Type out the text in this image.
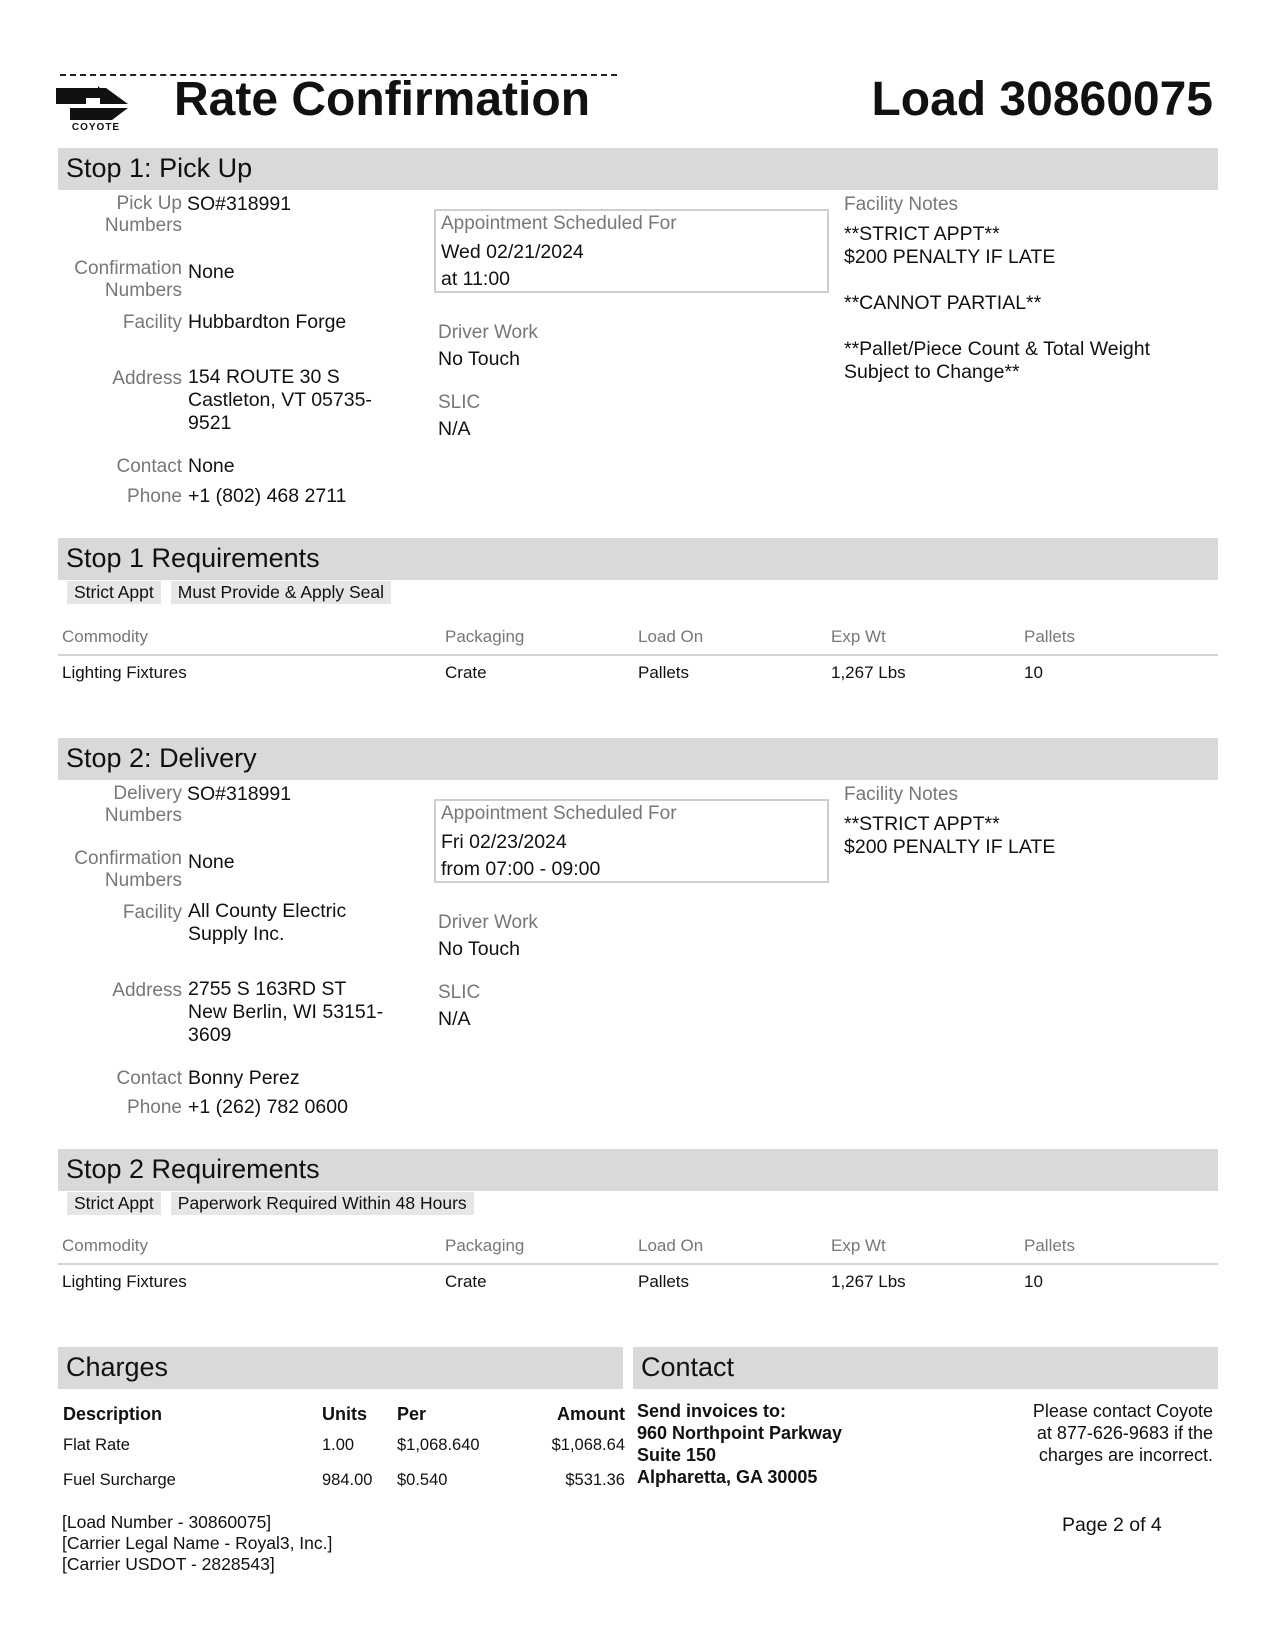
COYOTE
Rate Confirmation	Load 30860075
Stop 1: Pick Up
Pick Up Numbers
SO#318991
Confirmation Numbers
None
Facility Hubbardton Forge
Address 154 ROUTE 30 S
Castleton, VT 05735-
9521
Contact None
Phone +1 (802) 468 2711
Appointment Scheduled For
Wed 02/21/2024
at 11:00
Driver Work
No Touch
SLIC
N/A
Facility Notes
**STRICT APPT**
$200 PENALTY IF LATE

**CANNOT PARTIAL**

**Pallet/Piece Count & Total Weight
Subject to Change**
Stop 1 Requirements
Strict Appt	Must Provide & Apply Seal
Commodity	Packaging	Load On	Exp Wt	Pallets
Lighting Fixtures	Crate	Pallets	1,267 Lbs	10
Stop 2: Delivery
Delivery Numbers
SO#318991
Confirmation Numbers
None
Facility All County Electric
Supply Inc.
Address 2755 S 163RD ST
New Berlin, WI 53151-
3609
Contact Bonny Perez
Phone +1 (262) 782 0600
Appointment Scheduled For
Fri 02/23/2024
from 07:00 - 09:00
Driver Work
No Touch
SLIC
N/A
Facility Notes
**STRICT APPT**
$200 PENALTY IF LATE
Stop 2 Requirements
Strict Appt	Paperwork Required Within 48 Hours
Commodity	Packaging	Load On	Exp Wt	Pallets
Lighting Fixtures	Crate	Pallets	1,267 Lbs	10
Charges
Description	Units	Per	Amount
Flat Rate	1.00	$1,068.640	$1,068.64
Fuel Surcharge	984.00	$0.540	$531.36
Contact
Send invoices to:
960 Northpoint Parkway
Suite 150
Alpharetta, GA 30005
Please contact Coyote
at 877-626-9683 if the
charges are incorrect.
[Load Number - 30860075]
[Carrier Legal Name - Royal3, Inc.]
[Carrier USDOT - 2828543]
Page 2 of 4
